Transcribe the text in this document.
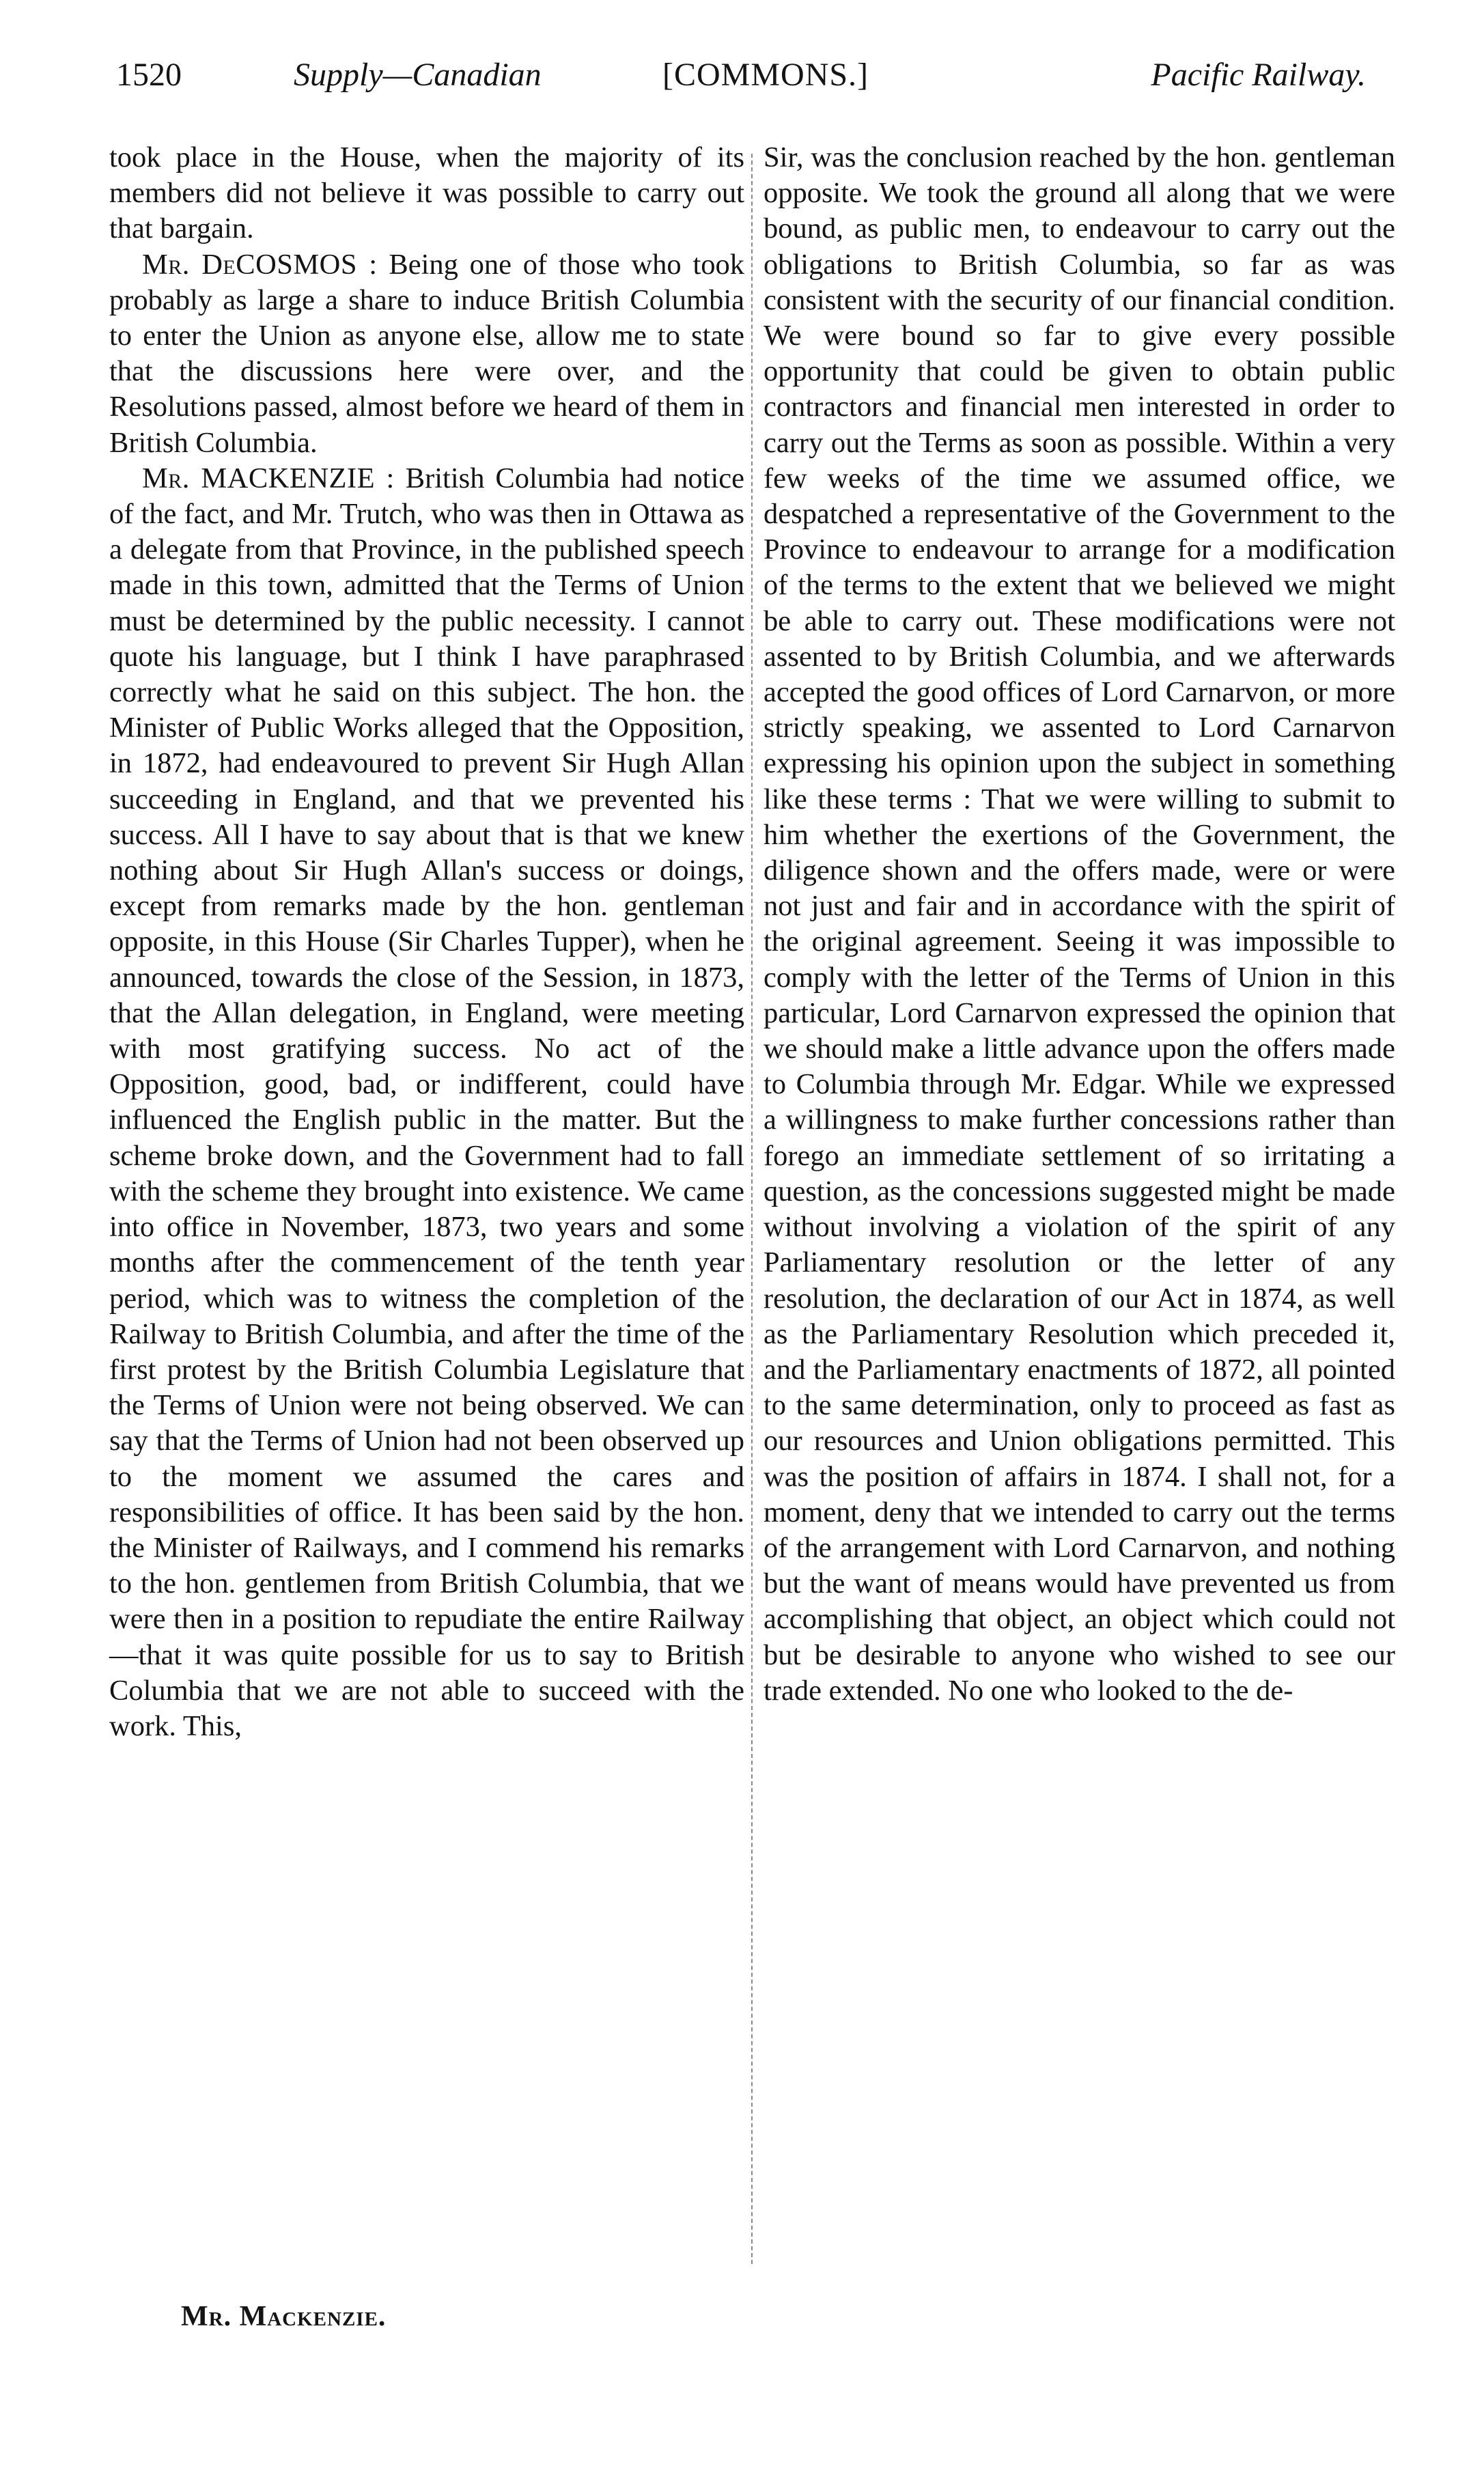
1520	Supply—Canadian	[COMMONS.]	Pacific Railway.

took place in the House, when the majority of its members did not believe it was possible to carry out that bargain.

Mr. DeCOSMOS : Being one of those who took probably as large a share to induce British Columbia to enter the Union as anyone else, allow me to state that the discussions here were over, and the Resolutions passed, almost before we heard of them in British Columbia.

Mr. MACKENZIE : British Columbia had notice of the fact, and Mr. Trutch, who was then in Ottawa as a delegate from that Province, in the published speech made in this town, admitted that the Terms of Union must be determined by the public necessity. I cannot quote his language, but I think I have paraphrased correctly what he said on this subject. The hon. the Minister of Public Works alleged that the Opposition, in 1872, had endeavoured to prevent Sir Hugh Allan succeeding in England, and that we prevented his success. All I have to say about that is that we knew nothing about Sir Hugh Allan's success or doings, except from remarks made by the hon. gentleman opposite, in this House (Sir Charles Tupper), when he announced, towards the close of the Session, in 1873, that the Allan delegation, in England, were meeting with most gratifying success. No act of the Opposition, good, bad, or indifferent, could have influenced the English public in the matter. But the scheme broke down, and the Government had to fall with the scheme they brought into existence. We came into office in November, 1873, two years and some months after the commencement of the tenth year period, which was to witness the completion of the Railway to British Columbia, and after the time of the first protest by the British Columbia Legislature that the Terms of Union were not being observed. We can say that the Terms of Union had not been observed up to the moment we assumed the cares and responsibilities of office. It has been said by the hon. the Minister of Railways, and I commend his remarks to the hon. gentlemen from British Columbia, that we were then in a position to repudiate the entire Railway—that it was quite possible for us to say to British Columbia that we are not able to succeed with the work. This,

Sir, was the conclusion reached by the hon. gentleman opposite. We took the ground all along that we were bound, as public men, to endeavour to carry out the obligations to British Columbia, so far as was consistent with the security of our financial condition. We were bound so far to give every possible opportunity that could be given to obtain public contractors and financial men interested in order to carry out the Terms as soon as possible. Within a very few weeks of the time we assumed office, we despatched a representative of the Government to the Province to endeavour to arrange for a modification of the terms to the extent that we believed we might be able to carry out. These modifications were not assented to by British Columbia, and we afterwards accepted the good offices of Lord Carnarvon, or more strictly speaking, we assented to Lord Carnarvon expressing his opinion upon the subject in something like these terms : That we were willing to submit to him whether the exertions of the Government, the diligence shown and the offers made, were or were not just and fair and in accordance with the spirit of the original agreement. Seeing it was impossible to comply with the letter of the Terms of Union in this particular, Lord Carnarvon expressed the opinion that we should make a little advance upon the offers made to Columbia through Mr. Edgar. While we expressed a willingness to make further concessions rather than forego an immediate settlement of so irritating a question, as the concessions suggested might be made without involving a violation of the spirit of any Parliamentary resolution or the letter of any resolution, the declaration of our Act in 1874, as well as the Parliamentary Resolution which preceded it, and the Parliamentary enactments of 1872, all pointed to the same determination, only to proceed as fast as our resources and Union obligations permitted. This was the position of affairs in 1874. I shall not, for a moment, deny that we intended to carry out the terms of the arrangement with Lord Carnarvon, and nothing but the want of means would have prevented us from accomplishing that object, an object which could not but be desirable to anyone who wished to see our trade extended. No one who looked to the de-

Mr. Mackenzie.
